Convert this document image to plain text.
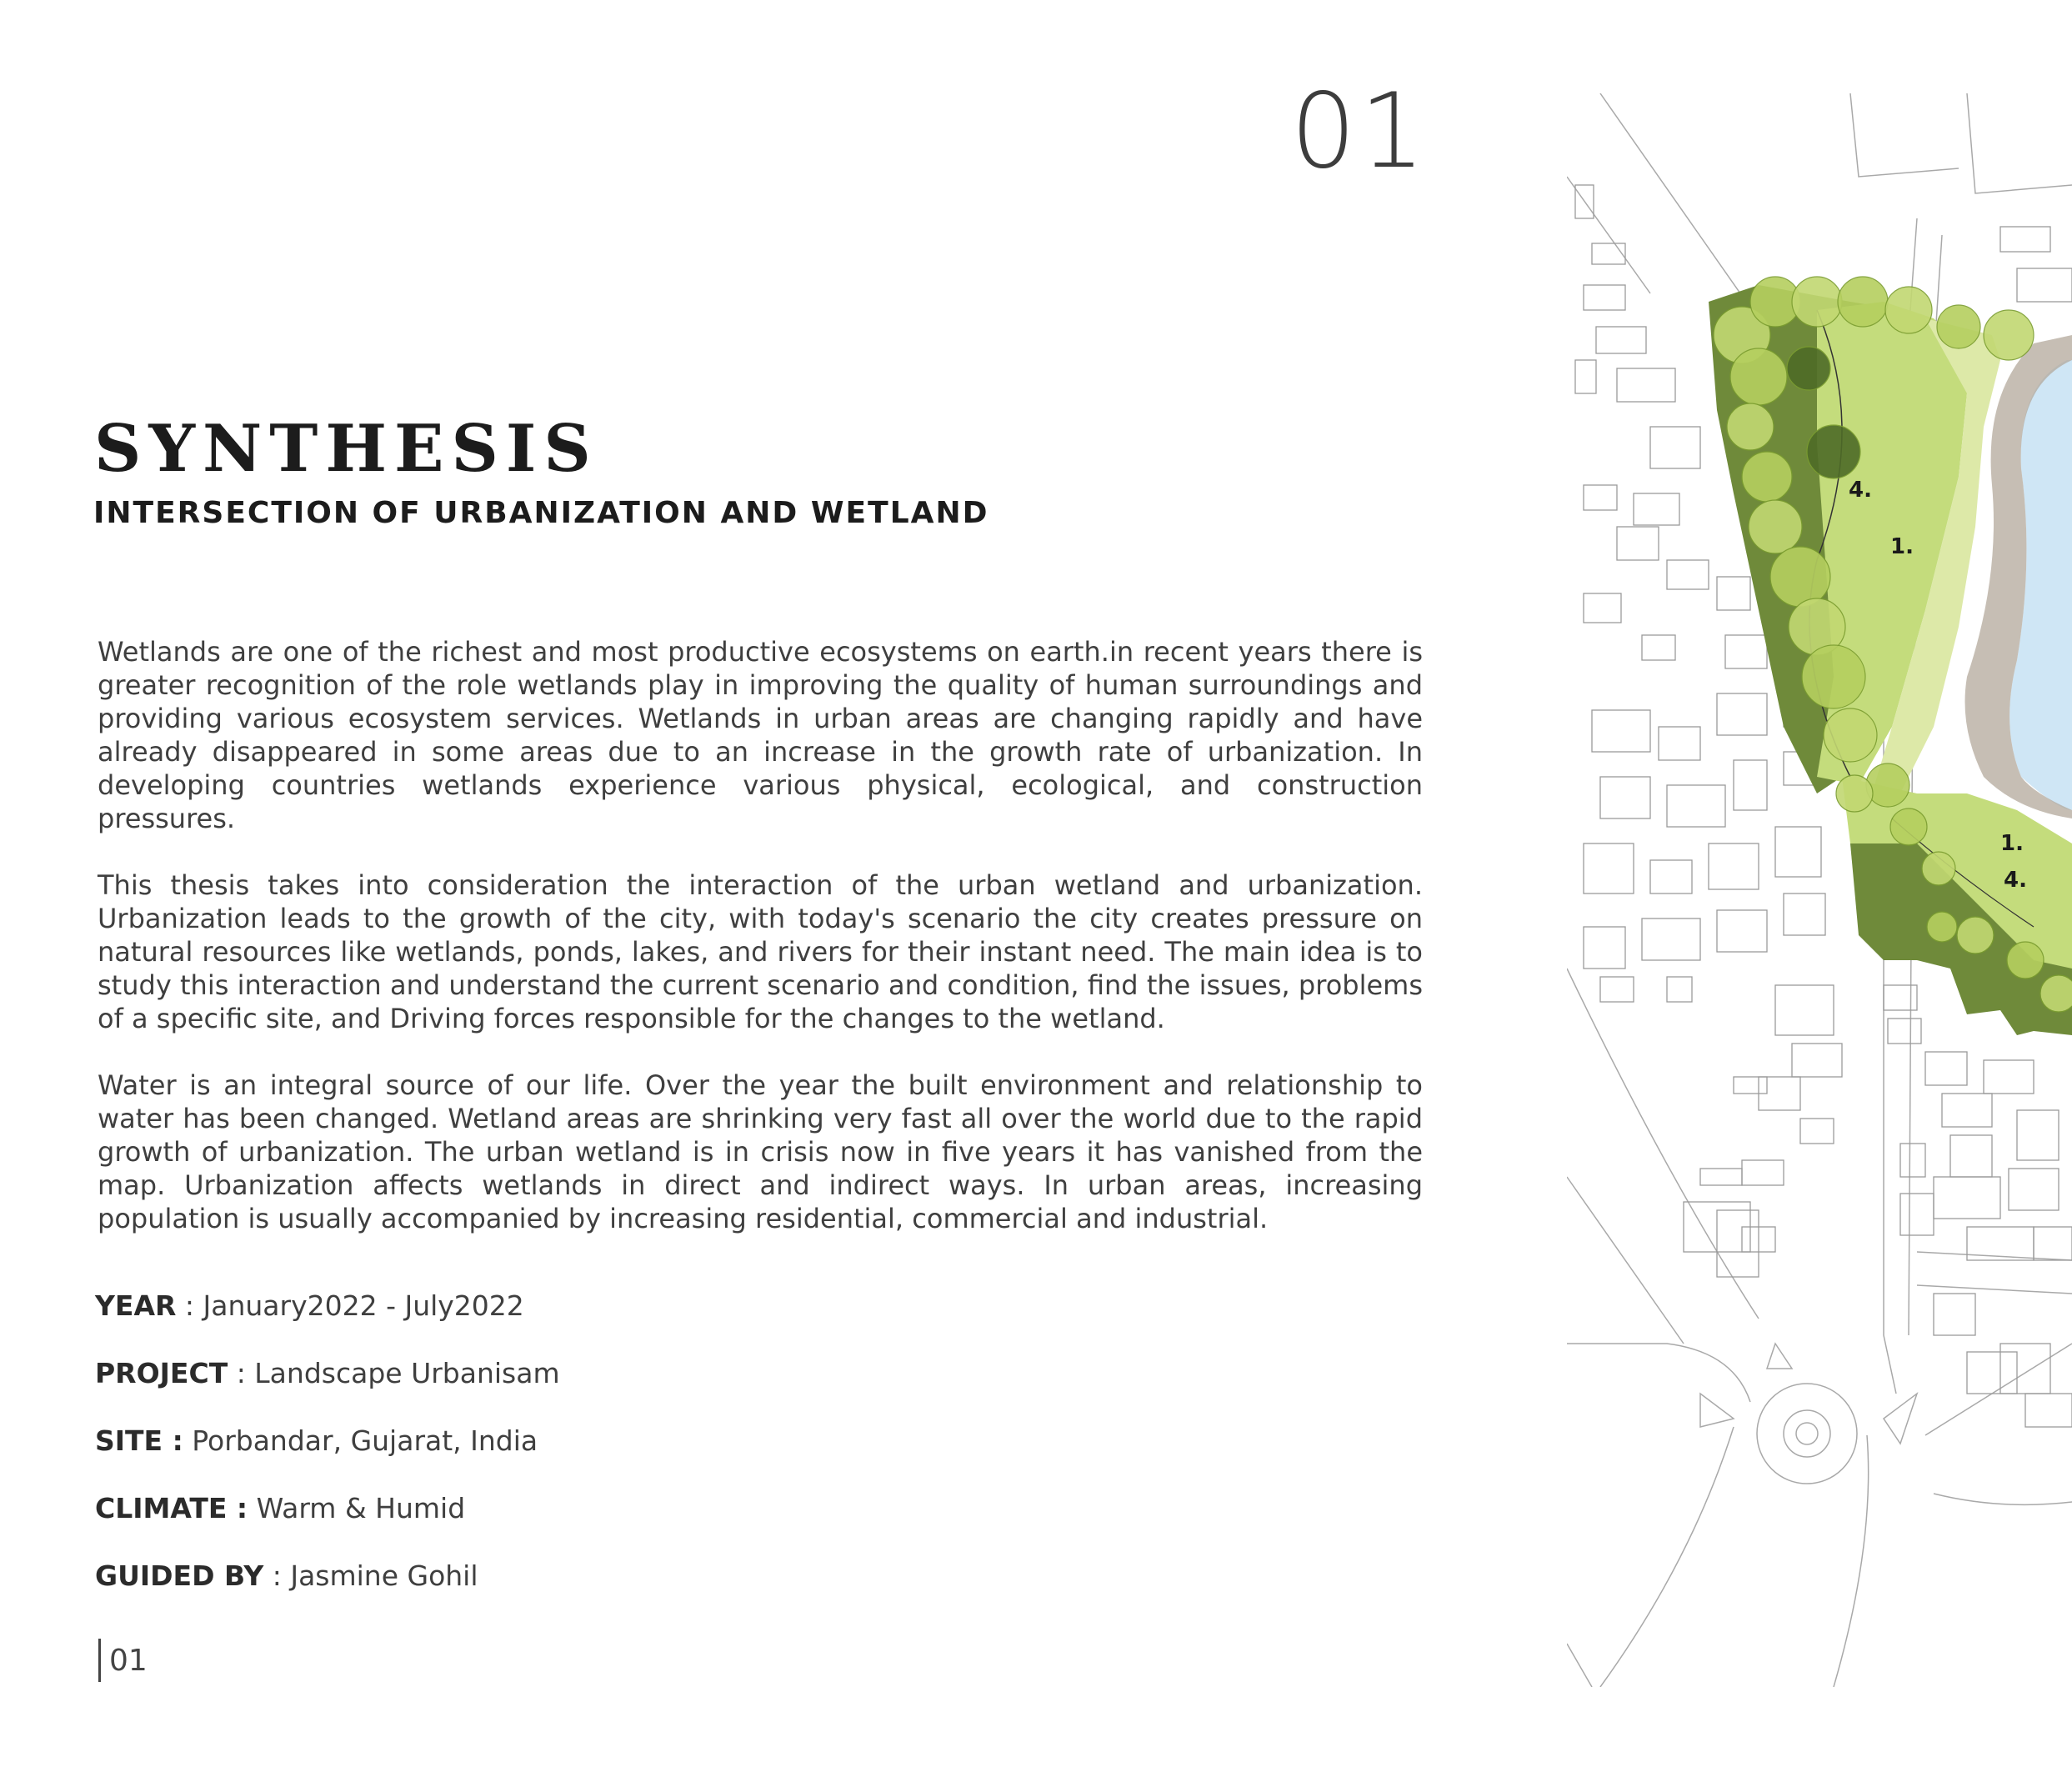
01
SYNTHESIS
INTERSECTION OF URBANIZATION AND WETLAND

Wetlands are one of the richest and most productive ecosystems on earth.in recent years there is greater recognition of the role wetlands play in improving the quality of human surroundings and providing various ecosystem services. Wetlands in urban areas are changing rapidly and have already disappeared in some areas due to an increase in the growth rate of urbanization. In developing countries wetlands experience various physical, ecological, and construction pressures.

This thesis takes into consideration the interaction of the urban wetland and urbanization. Urbanization leads to the growth of the city, with today's scenario the city creates pressure on natural resources like wetlands, ponds, lakes, and rivers for their instant need. The main idea is to study this interaction and understand the current scenario and condition, find the issues, problems of a specific site, and Driving forces responsible for the changes to the wetland.

Water is an integral source of our life. Over the year the built environment and relationship to water has been changed. Wetland areas are shrinking very fast all over the world due to the rapid growth of urbanization. The urban wetland is in crisis now in five years it has vanished from the map. Urbanization affects wetlands in direct and indirect ways. In urban areas, increasing population is usually accompanied by increasing residential, commercial and industrial.

YEAR : January2022 - July2022
PROJECT : Landscape Urbanisam
SITE : Porbandar, Gujarat, India
CLIMATE : Warm & Humid
GUIDED BY : Jasmine Gohil
01
4.
1.
1.
4.
